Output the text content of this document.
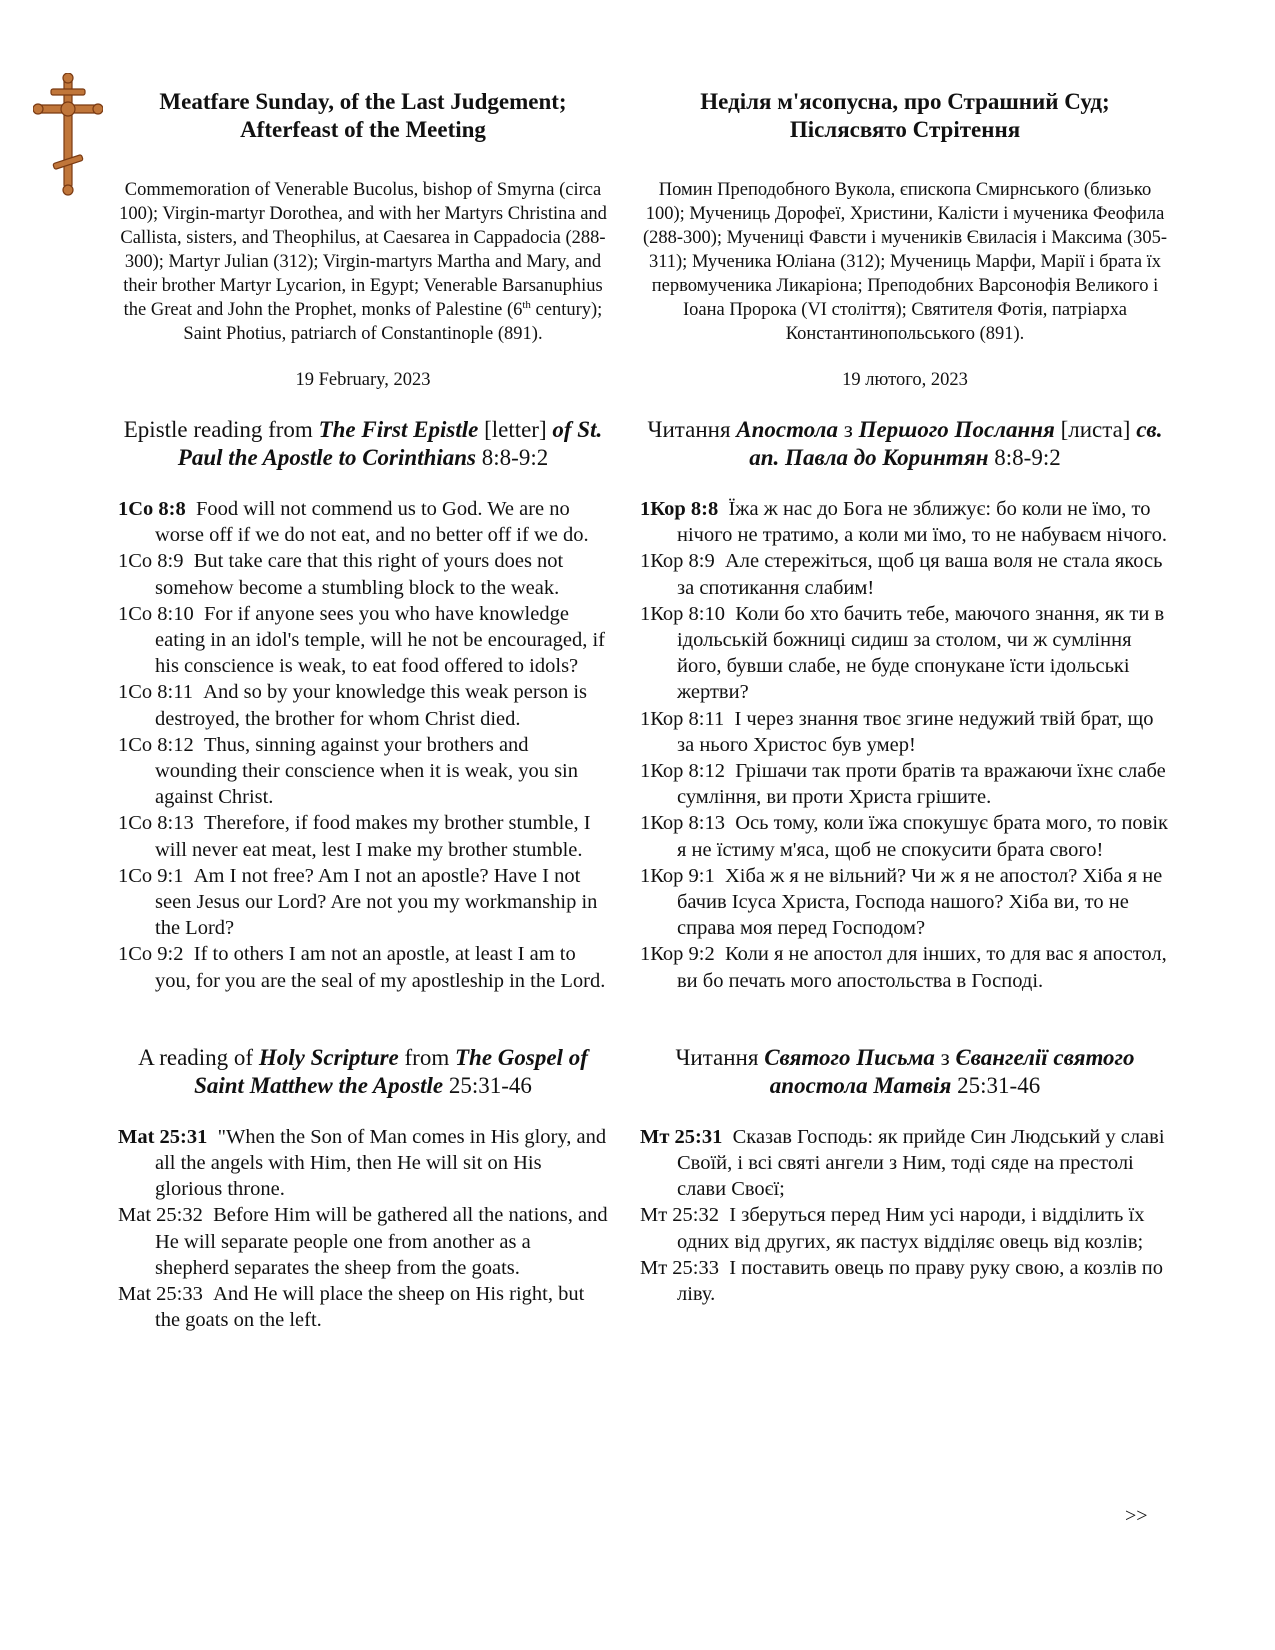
Meatfare Sunday, of the Last Judgement;
Afterfeast of the Meeting

Commemoration of Venerable Bucolus, bishop of Smyrna (circa 100); Virgin-martyr Dorothea, and with her Martyrs Christina and Callista, sisters, and Theophilus, at Caesarea in Cappadocia (288-300); Martyr Julian (312); Virgin-martyrs Martha and Mary, and their brother Martyr Lycarion, in Egypt; Venerable Barsanuphius the Great and John the Prophet, monks of Palestine (6th century); Saint Photius, patriarch of Constantinople (891).

19 February, 2023

Epistle reading from The First Epistle [letter] of St. Paul the Apostle to Corinthians 8:8-9:2

1Co 8:8 Food will not commend us to God. We are no worse off if we do not eat, and no better off if we do.

1Co 8:9 But take care that this right of yours does not somehow become a stumbling block to the weak.

1Co 8:10 For if anyone sees you who have knowledge eating in an idol's temple, will he not be encouraged, if his conscience is weak, to eat food offered to idols?

1Co 8:11 And so by your knowledge this weak person is destroyed, the brother for whom Christ died.

1Co 8:12 Thus, sinning against your brothers and wounding their conscience when it is weak, you sin against Christ.

1Co 8:13 Therefore, if food makes my brother stumble, I will never eat meat, lest I make my brother stumble.

1Co 9:1 Am I not free? Am I not an apostle? Have I not seen Jesus our Lord? Are not you my workmanship in the Lord?

1Co 9:2 If to others I am not an apostle, at least I am to you, for you are the seal of my apostleship in the Lord.

A reading of Holy Scripture from The Gospel of Saint Matthew the Apostle 25:31-46

Mat 25:31 "When the Son of Man comes in His glory, and all the angels with Him, then He will sit on His glorious throne.

Mat 25:32 Before Him will be gathered all the nations, and He will separate people one from another as a shepherd separates the sheep from the goats.

Mat 25:33 And He will place the sheep on His right, but the goats on the left.

Неділя м'ясопусна, про Страшний Суд;
Післясвято Стрітення

Помин Преподобного Вукола, єпископа Смирнського (близько 100); Мучениць Дорофеї, Христини, Калісти і мученика Феофила (288-300); Мучениці Фавсти і мучеників Євиласія і Максима (305-311); Мученика Юліана (312); Мучениць Марфи, Марії і брата їх первомученика Ликаріона; Преподобних Варсонофія Великого і Іоана Пророка (VI століття); Святителя Фотія, патріарха Константинопольського (891).

19 лютого, 2023

Читання Апостола з Першого Послання [листа] св. ап. Павла до Коринтян 8:8-9:2

1Кор 8:8 Їжа ж нас до Бога не зближує: бо коли не їмо, то нічого не тратимо, а коли ми їмо, то не набуваєм нічого.

1Кор 8:9 Але стережіться, щоб ця ваша воля не стала якось за спотикання слабим!

1Кор 8:10 Коли бо хто бачить тебе, маючого знання, як ти в ідольській божниці сидиш за столом, чи ж сумління його, бувши слабе, не буде спонукане їсти ідольські жертви?

1Кор 8:11 І через знання твоє згине недужий твій брат, що за нього Христос був умер!

1Кор 8:12 Грішачи так проти братів та вражаючи їхнє слабе сумління, ви проти Христа грішите.

1Кор 8:13 Ось тому, коли їжа спокушує брата мого, то повік я не їстиму м'яса, щоб не спокусити брата свого!

1Кор 9:1 Хіба ж я не вільний? Чи ж я не апостол? Хіба я не бачив Ісуса Христа, Господа нашого? Хіба ви, то не справа моя перед Господом?

1Кор 9:2 Коли я не апостол для інших, то для вас я апостол, ви бо печать мого апостольства в Господі.

Читання Святого Письма з Євангелії святого апостола Матвія 25:31-46

Мт 25:31 Сказав Господь: як прийде Син Людський у славі Своїй, і всі святі ангели з Ним, тоді сяде на престолі слави Своєї;

Мт 25:32 І зберуться перед Ним усі народи, і відділить їх одних від других, як пастух відділяє овець від козлів;

Мт 25:33 І поставить овець по праву руку свою, а козлів по ліву.

>>
